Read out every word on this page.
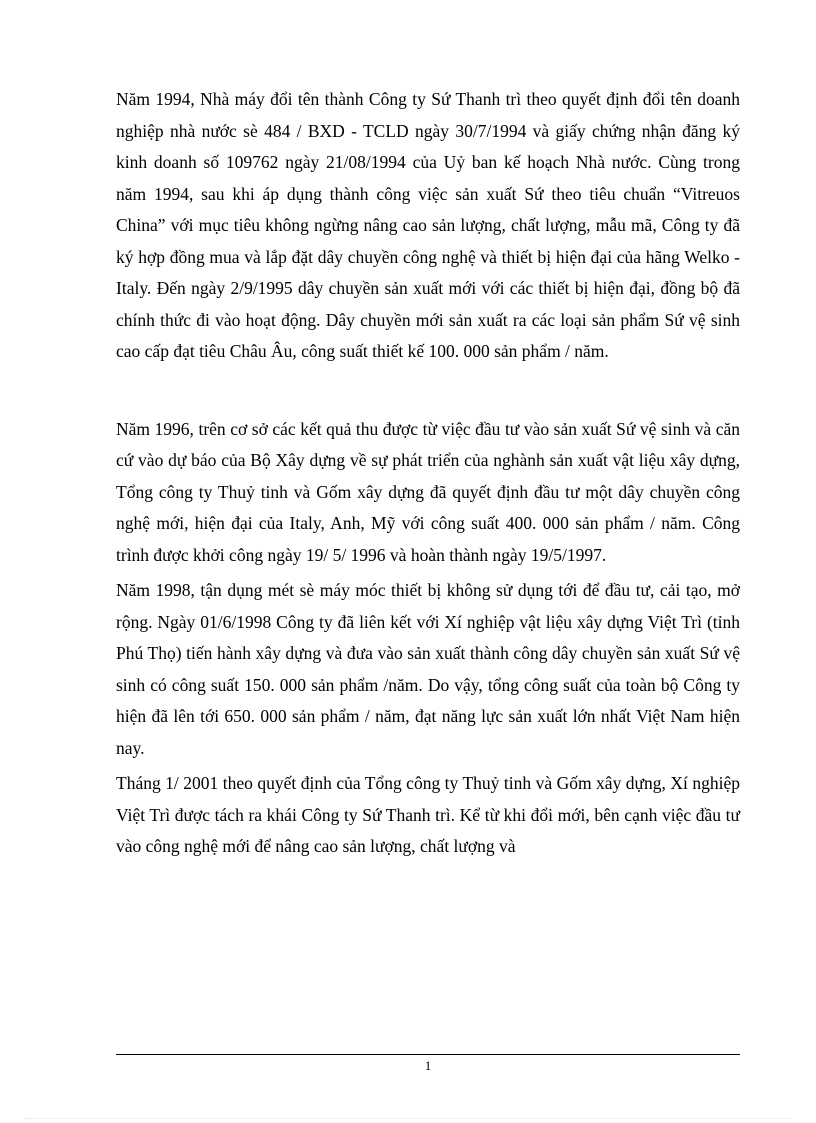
Năm 1994, Nhà máy đổi tên thành Công ty Sứ Thanh trì theo quyết định đổi tên doanh nghiệp nhà nước sè 484 / BXD - TCLD ngày 30/7/1994 và giấy chứng nhận đăng ký kinh doanh số 109762 ngày 21/08/1994 của Uỷ ban kế hoạch Nhà nước. Cùng trong năm 1994, sau khi áp dụng thành công việc sản xuất Sứ theo tiêu chuẩn “Vitreuos China” với mục tiêu không ngừng nâng cao sản lượng, chất lượng, mẫu mã, Công ty đã ký hợp đồng mua và lắp đặt dây chuyền công nghệ và thiết bị hiện đại của hãng Welko - Italy. Đến ngày 2/9/1995 dây chuyền sản xuất mới với các thiết bị hiện đại, đồng bộ đã chính thức đi vào hoạt động. Dây chuyền mới sản xuất ra các loại sản phẩm Sứ vệ sinh cao cấp đạt tiêu Châu Âu, công suất thiết kế 100. 000 sản phẩm / năm.

Năm 1996, trên cơ sở các kết quả thu được từ việc đầu tư vào sản xuất Sứ vệ sinh và căn cứ vào dự báo của Bộ Xây dựng về sự phát triển của nghành sản xuất vật liệu xây dựng, Tổng công ty Thuỷ tinh và Gốm xây dựng đã quyết định đầu tư một dây chuyền công nghệ mới, hiện đại của Italy, Anh, Mỹ với công suất 400. 000 sản phẩm / năm. Công trình được khởi công ngày 19/ 5/ 1996 và hoàn thành ngày 19/5/1997.

Năm 1998, tận dụng mét sè máy móc thiết bị không sử dụng tới để đầu tư, cải tạo, mở rộng. Ngày 01/6/1998 Công ty đã liên kết với Xí nghiệp vật liệu xây dựng Việt Trì (tỉnh Phú Thọ) tiến hành xây dựng và đưa vào sản xuất thành công dây chuyền sản xuất Sứ vệ sinh có công suất 150. 000 sản phẩm /năm. Do vậy, tổng công suất của toàn bộ Công ty hiện đã lên tới 650. 000 sản phẩm / năm, đạt năng lực sản xuất lớn nhất Việt Nam hiện nay.

Tháng 1/ 2001 theo quyết định của Tổng công ty Thuỷ tinh và Gốm xây dựng, Xí nghiệp Việt Trì được tách ra khái Công ty Sứ Thanh trì. Kể từ khi đổi mới, bên cạnh việc đầu tư vào công nghệ mới để nâng cao sản lượng, chất lượng và

1
